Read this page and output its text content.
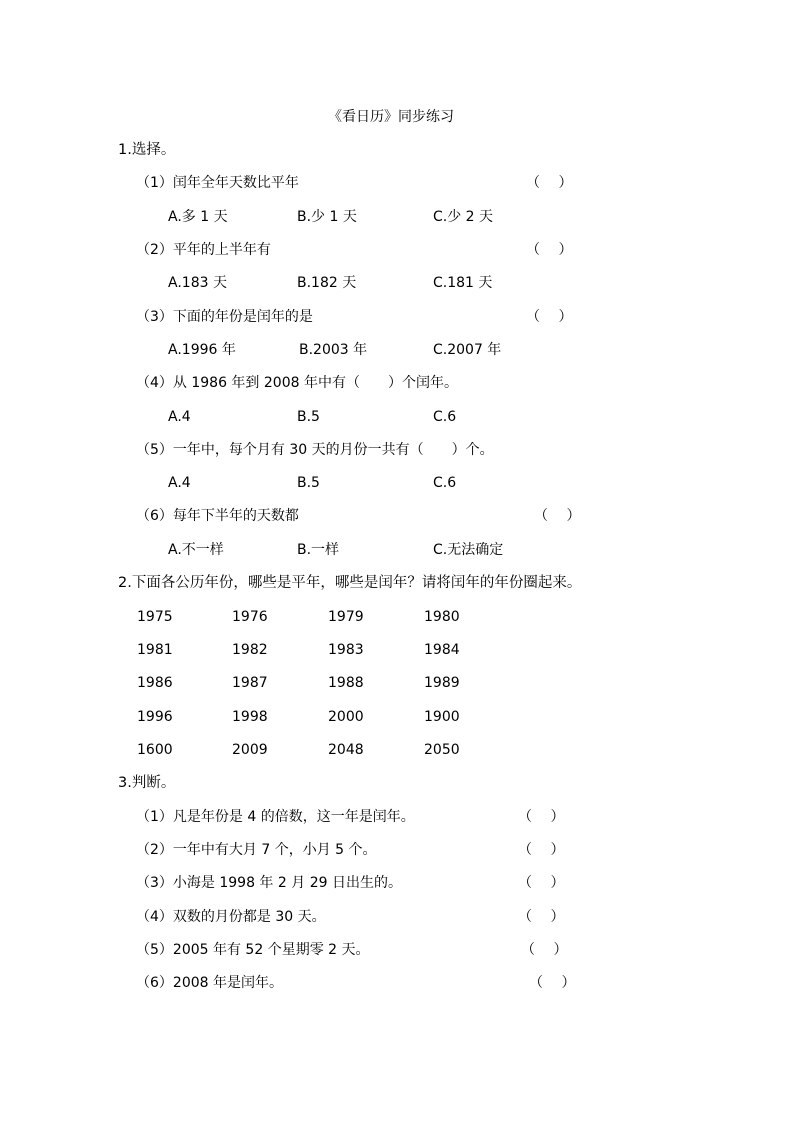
《看日历》同步练习
1.选择。
（1）闰年全年天数比平年	（　 ）
A.多 1 天	B.少 1 天	C.少 2 天
（2）平年的上半年有	（　 ）
A.183 天	B.182 天	C.181 天
（3）下面的年份是闰年的是	（　 ）
A.1996 年	B.2003 年	C.2007 年
（4）从 1986 年到 2008 年中有（　　）个闰年。
A.4	B.5	C.6
（5）一年中，每个月有 30 天的月份一共有（　　）个。
A.4	B.5	C.6
（6）每年下半年的天数都	（　 ）
A.不一样	B.一样	C.无法确定
2.下面各公历年份，哪些是平年，哪些是闰年？请将闰年的年份圈起来。
1975	1976	1979	1980
1981	1982	1983	1984
1986	1987	1988	1989
1996	1998	2000	1900
1600	2009	2048	2050
3.判断。
（1）凡是年份是 4 的倍数，这一年是闰年。	（　 ）
（2）一年中有大月 7 个，小月 5 个。	（　 ）
（3）小海是 1998 年 2 月 29 日出生的。	（　 ）
（4）双数的月份都是 30 天。	（　 ）
（5）2005 年有 52 个星期零 2 天。	（　 ）
（6）2008 年是闰年。	（　 ）
